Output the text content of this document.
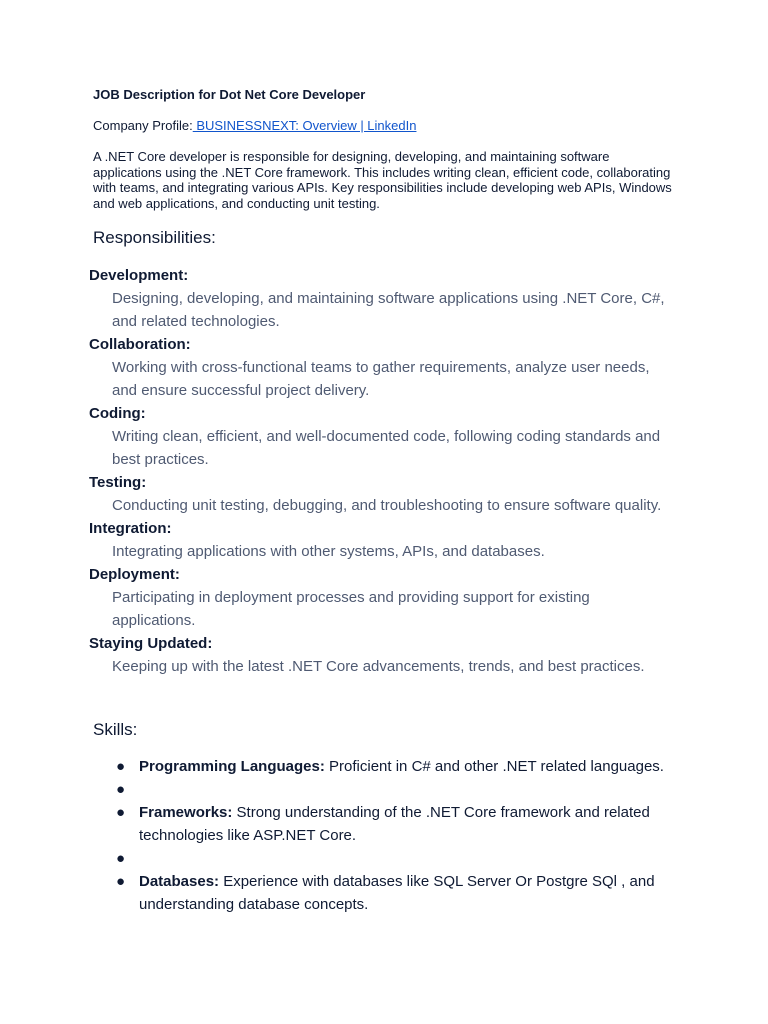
JOB Description for Dot Net Core Developer
Company Profile: BUSINESSNEXT: Overview | LinkedIn

A .NET Core developer is responsible for designing, developing, and maintaining software applications using the .NET Core framework. This includes writing clean, efficient code, collaborating with teams, and integrating various APIs. Key responsibilities include developing web APIs, Windows and web applications, and conducting unit testing.

Responsibilities:

Development:

Designing, developing, and maintaining software applications using .NET Core, C#, and related technologies.

Collaboration:

Working with cross-functional teams to gather requirements, analyze user needs, and ensure successful project delivery.

Coding:

Writing clean, efficient, and well-documented code, following coding standards and best practices.

Testing:

Conducting unit testing, debugging, and troubleshooting to ensure software quality.

Integration:

Integrating applications with other systems, APIs, and databases.

Deployment:

Participating in deployment processes and providing support for existing applications.

Staying Updated:

Keeping up with the latest .NET Core advancements, trends, and best practices.

Skills:
● Programming Languages: Proficient in C# and other .NET related languages.
●
● Frameworks: Strong understanding of the .NET Core framework and related technologies like ASP.NET Core.
●
● Databases: Experience with databases like SQL Server Or Postgre SQl , and understanding database concepts.
